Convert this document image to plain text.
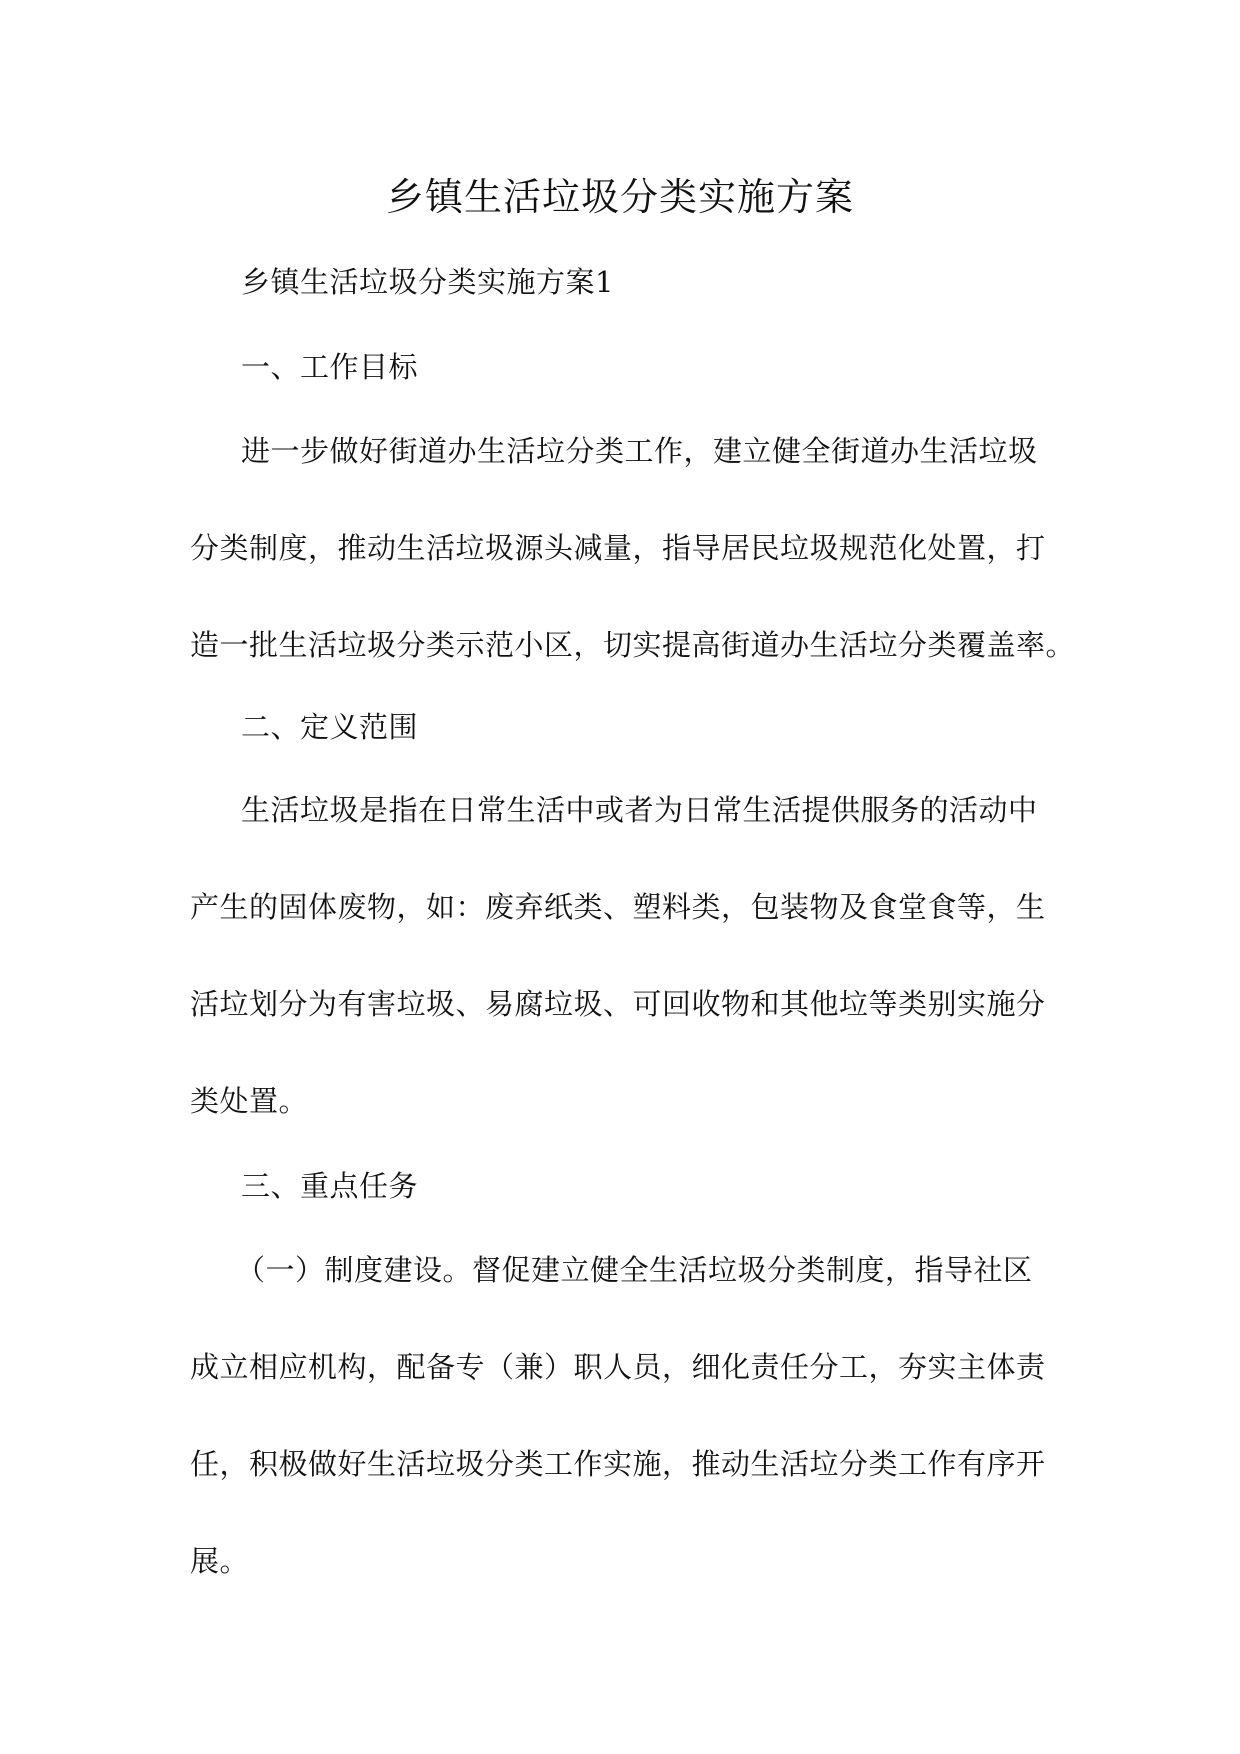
乡镇生活垃圾分类实施方案
乡镇生活垃圾分类实施方案1
一、工作目标
进一步做好街道办生活垃分类工作，建立健全街道办生活垃圾
分类制度，推动生活垃圾源头减量，指导居民垃圾规范化处置，打
造一批生活垃圾分类示范小区，切实提高街道办生活垃分类覆盖率。
二、定义范围
生活垃圾是指在日常生活中或者为日常生活提供服务的活动中
产生的固体废物，如：废弃纸类、塑料类，包装物及食堂食等，生
活垃划分为有害垃圾、易腐垃圾、可回收物和其他垃等类别实施分
类处置。
三、重点任务
（一）制度建设。督促建立健全生活垃圾分类制度，指导社区
成立相应机构，配备专（兼）职人员，细化责任分工，夯实主体责
任，积极做好生活垃圾分类工作实施，推动生活垃分类工作有序开
展。
